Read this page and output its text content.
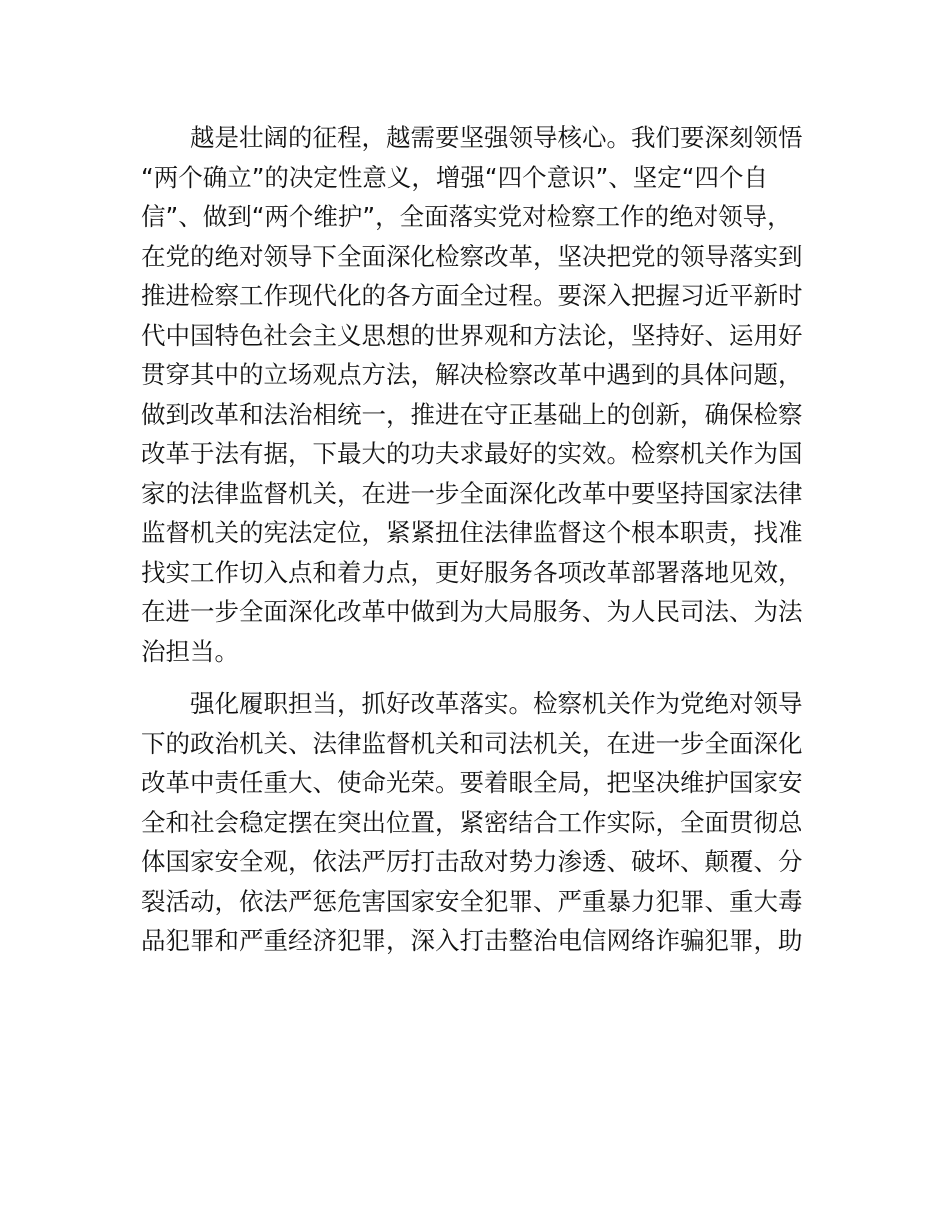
　　越是壮阔的征程，越需要坚强领导核心。我们要深刻领悟
“两个确立”的决定性意义，增强“四个意识”、坚定“四个自
信”、做到“两个维护”，全面落实党对检察工作的绝对领导，
在党的绝对领导下全面深化检察改革，坚决把党的领导落实到
推进检察工作现代化的各方面全过程。要深入把握习近平新时
代中国特色社会主义思想的世界观和方法论，坚持好、运用好
贯穿其中的立场观点方法，解决检察改革中遇到的具体问题，
做到改革和法治相统一，推进在守正基础上的创新，确保检察
改革于法有据，下最大的功夫求最好的实效。检察机关作为国
家的法律监督机关，在进一步全面深化改革中要坚持国家法律
监督机关的宪法定位，紧紧扭住法律监督这个根本职责，找准
找实工作切入点和着力点，更好服务各项改革部署落地见效，
在进一步全面深化改革中做到为大局服务、为人民司法、为法
治担当。

　　强化履职担当，抓好改革落实。检察机关作为党绝对领导
下的政治机关、法律监督机关和司法机关，在进一步全面深化
改革中责任重大、使命光荣。要着眼全局，把坚决维护国家安
全和社会稳定摆在突出位置，紧密结合工作实际，全面贯彻总
体国家安全观，依法严厉打击敌对势力渗透、破坏、颠覆、分
裂活动，依法严惩危害国家安全犯罪、严重暴力犯罪、重大毒
品犯罪和严重经济犯罪，深入打击整治电信网络诈骗犯罪，助
